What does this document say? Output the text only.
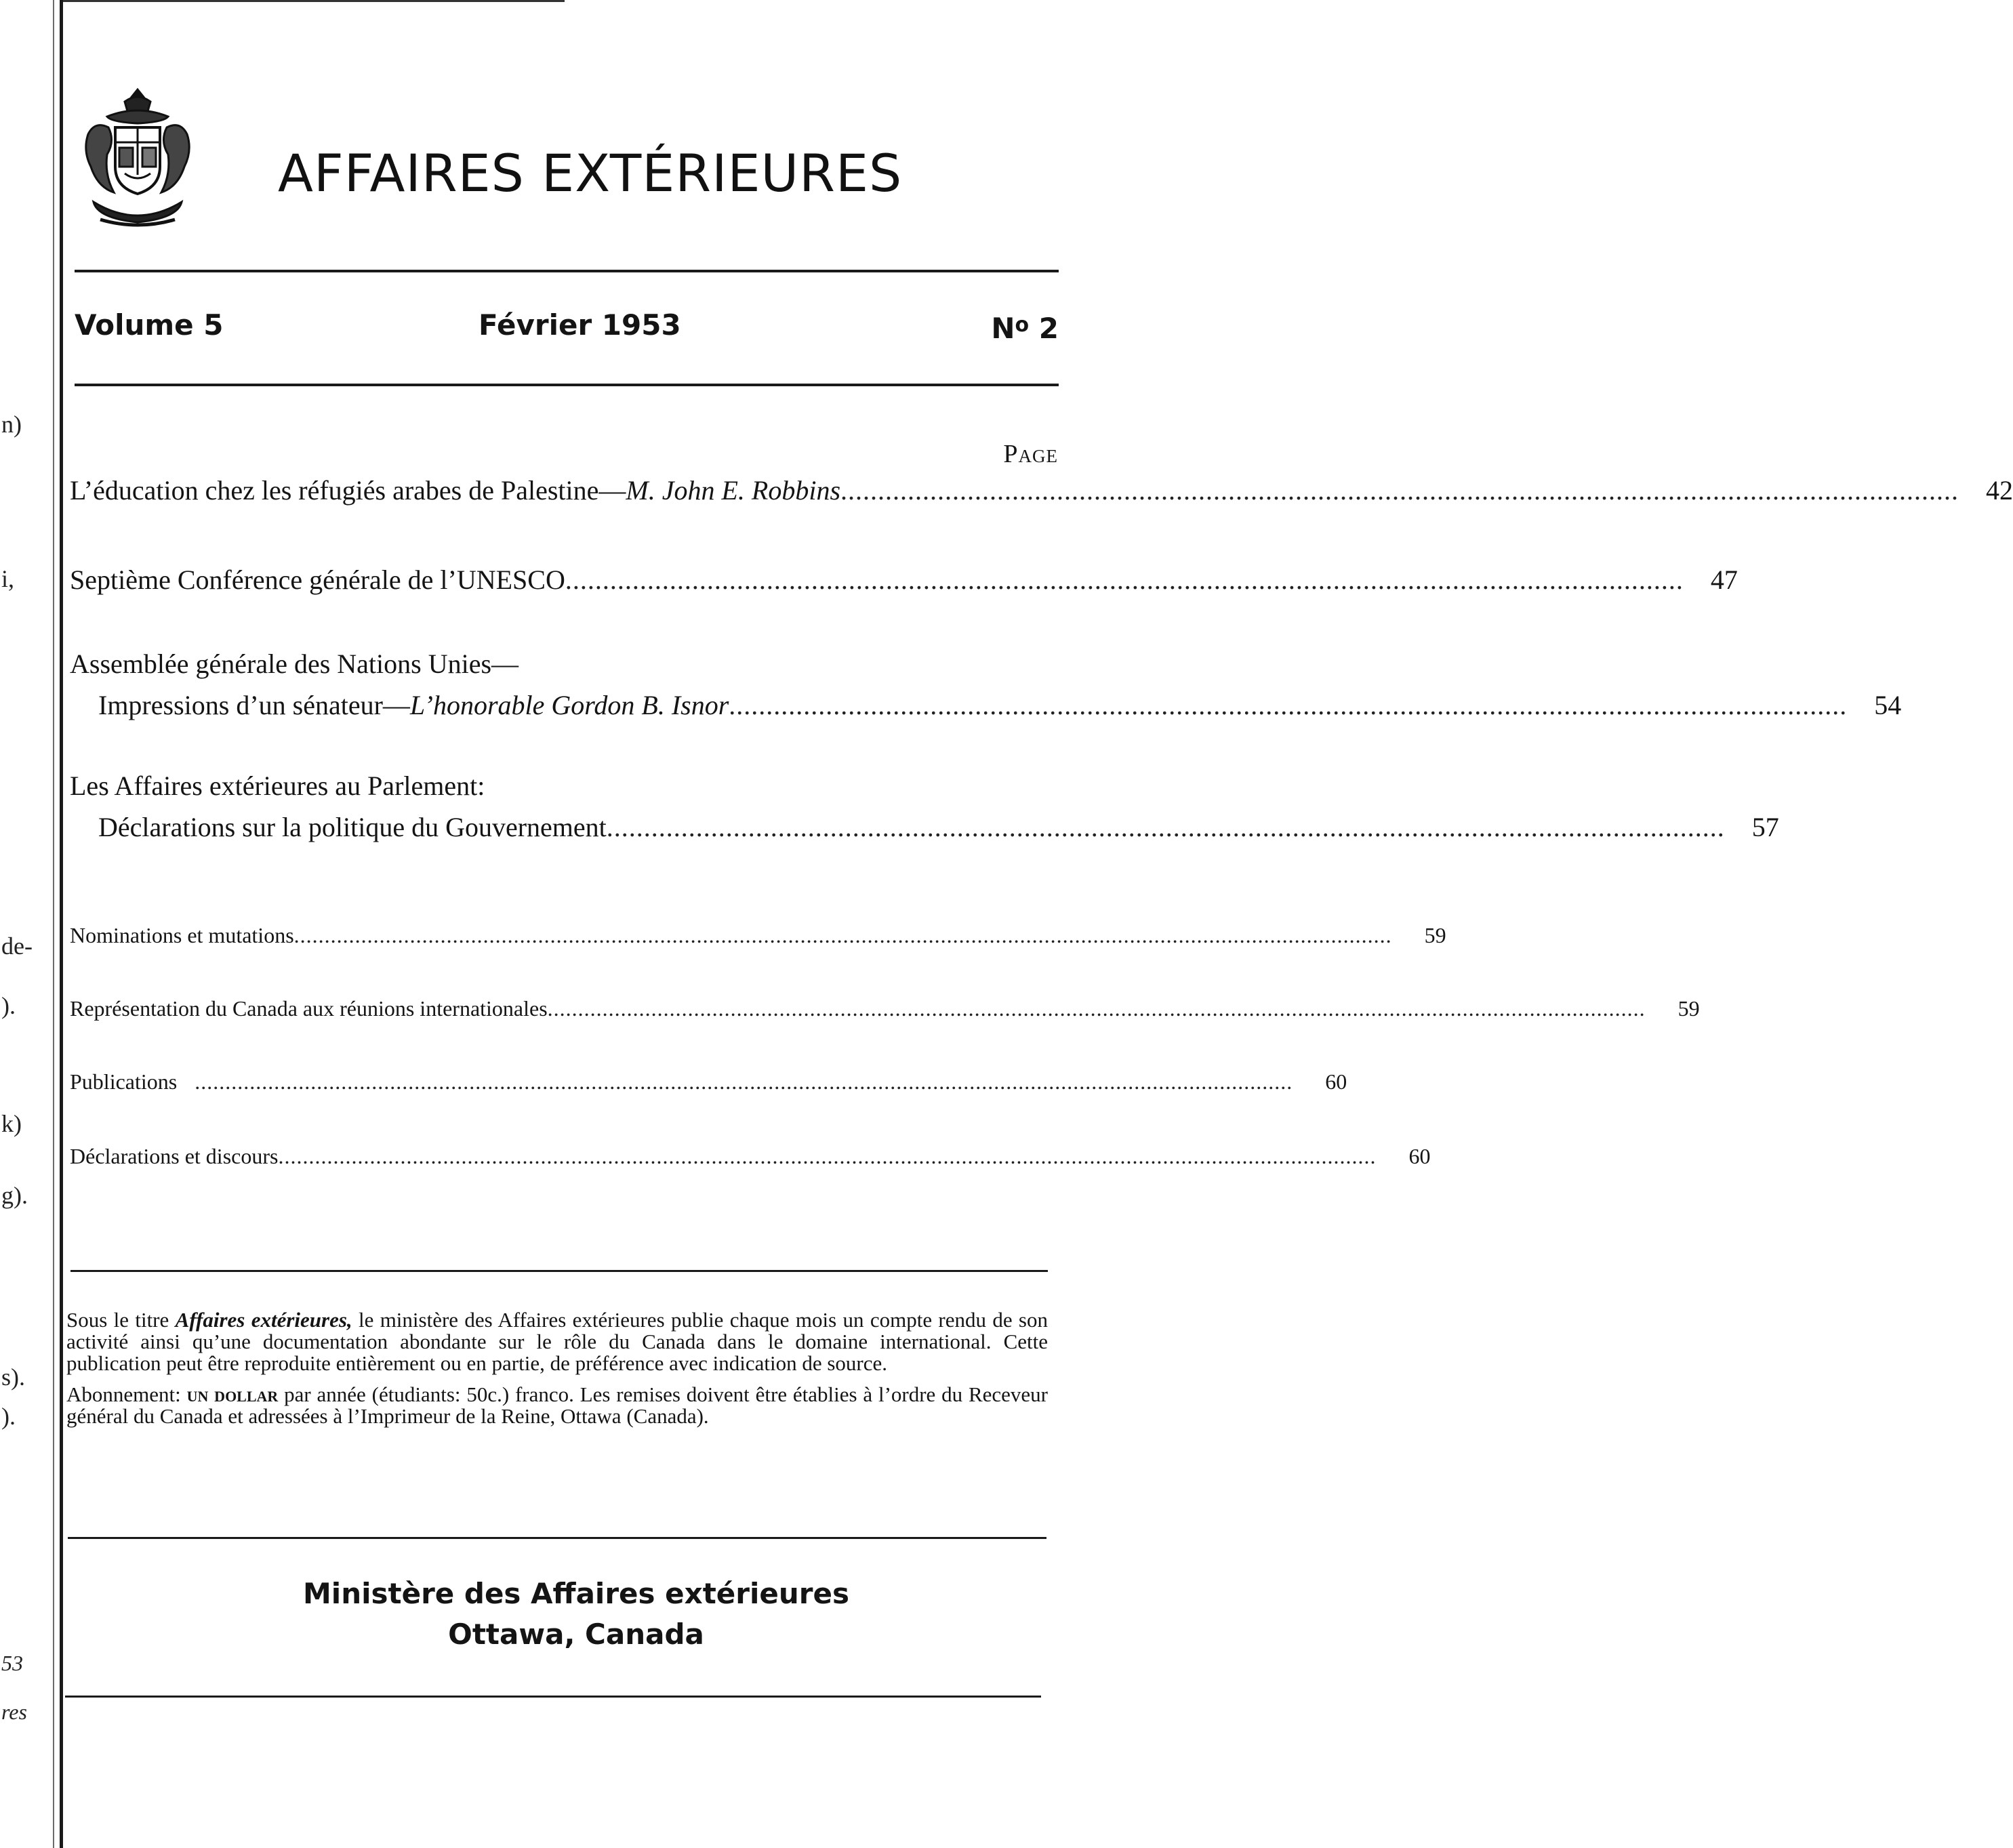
n)
i,
de-
).
k)
g).
s).
).
53
res
AFFAIRES EXTÉRIEURES
Volume 5	Février 1953	$N^o$ 2
Page
L’éducation chez les réfugiés arabes de Palestine— M. John E. Robbins ......................................................................................................................................................	42
Septième Conférence générale de l’UNESCO ......................................................................................................................................................	47
Assemblée générale des Nations Unies—
Impressions d’un sénateur— L’honorable Gordon B. Isnor ......................................................................................................................................................	54
Les Affaires extérieures au Parlement:
Déclarations sur la politique du Gouvernement ......................................................................................................................................................	57
Nominations et mutations ....................................................................................................................................................................................	59
Représentation du Canada aux réunions internationales ....................................................................................................................................................................................	59
Publications ....................................................................................................................................................................................	60
Déclarations et discours ....................................................................................................................................................................................	60

Sous le titre Affaires extérieures, le ministère des Affaires extérieures publie chaque mois un compte rendu de son activité ainsi qu’une documentation abondante sur le rôle du Canada dans le domaine international. Cette publication peut être reproduite entièrement ou en partie, de préférence avec indication de source.

Abonnement: un dollar par année (étudiants: 50c.) franco. Les remises doivent être établies à l’ordre du Receveur général du Canada et adressées à l’Imprimeur de la Reine, Ottawa (Canada).

Ministère des Affaires extérieures
Ottawa, Canada
